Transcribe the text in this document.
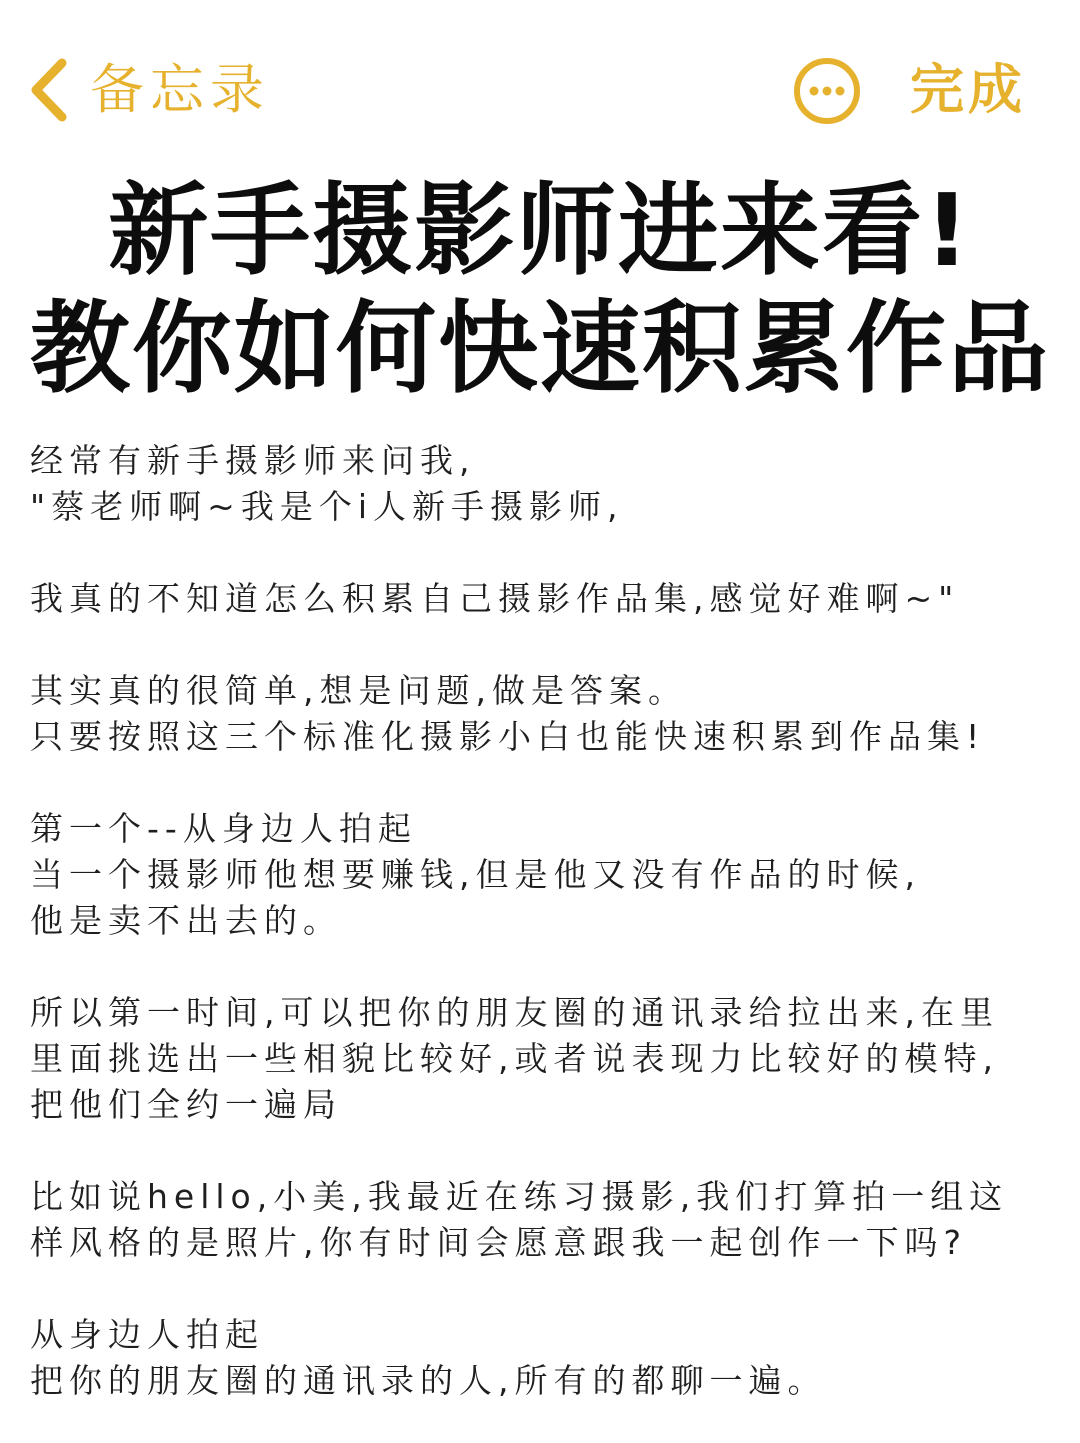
备忘录	完成
新手摄影师进来看!
教你如何快速积累作品
经常有新手摄影师来问我,
"蔡老师啊~我是个i人新手摄影师,
我真的不知道怎么积累自己摄影作品集,感觉好难啊~"
其实真的很简单,想是问题,做是答案。
只要按照这三个标准化摄影小白也能快速积累到作品集!
第一个--从身边人拍起
当一个摄影师他想要赚钱,但是他又没有作品的时候,
他是卖不出去的。
所以第一时间,可以把你的朋友圈的通讯录给拉出来,在里
里面挑选出一些相貌比较好,或者说表现力比较好的模特,
把他们全约一遍局
比如说hello,小美,我最近在练习摄影,我们打算拍一组这
样风格的是照片,你有时间会愿意跟我一起创作一下吗?
从身边人拍起
把你的朋友圈的通讯录的人,所有的都聊一遍。
